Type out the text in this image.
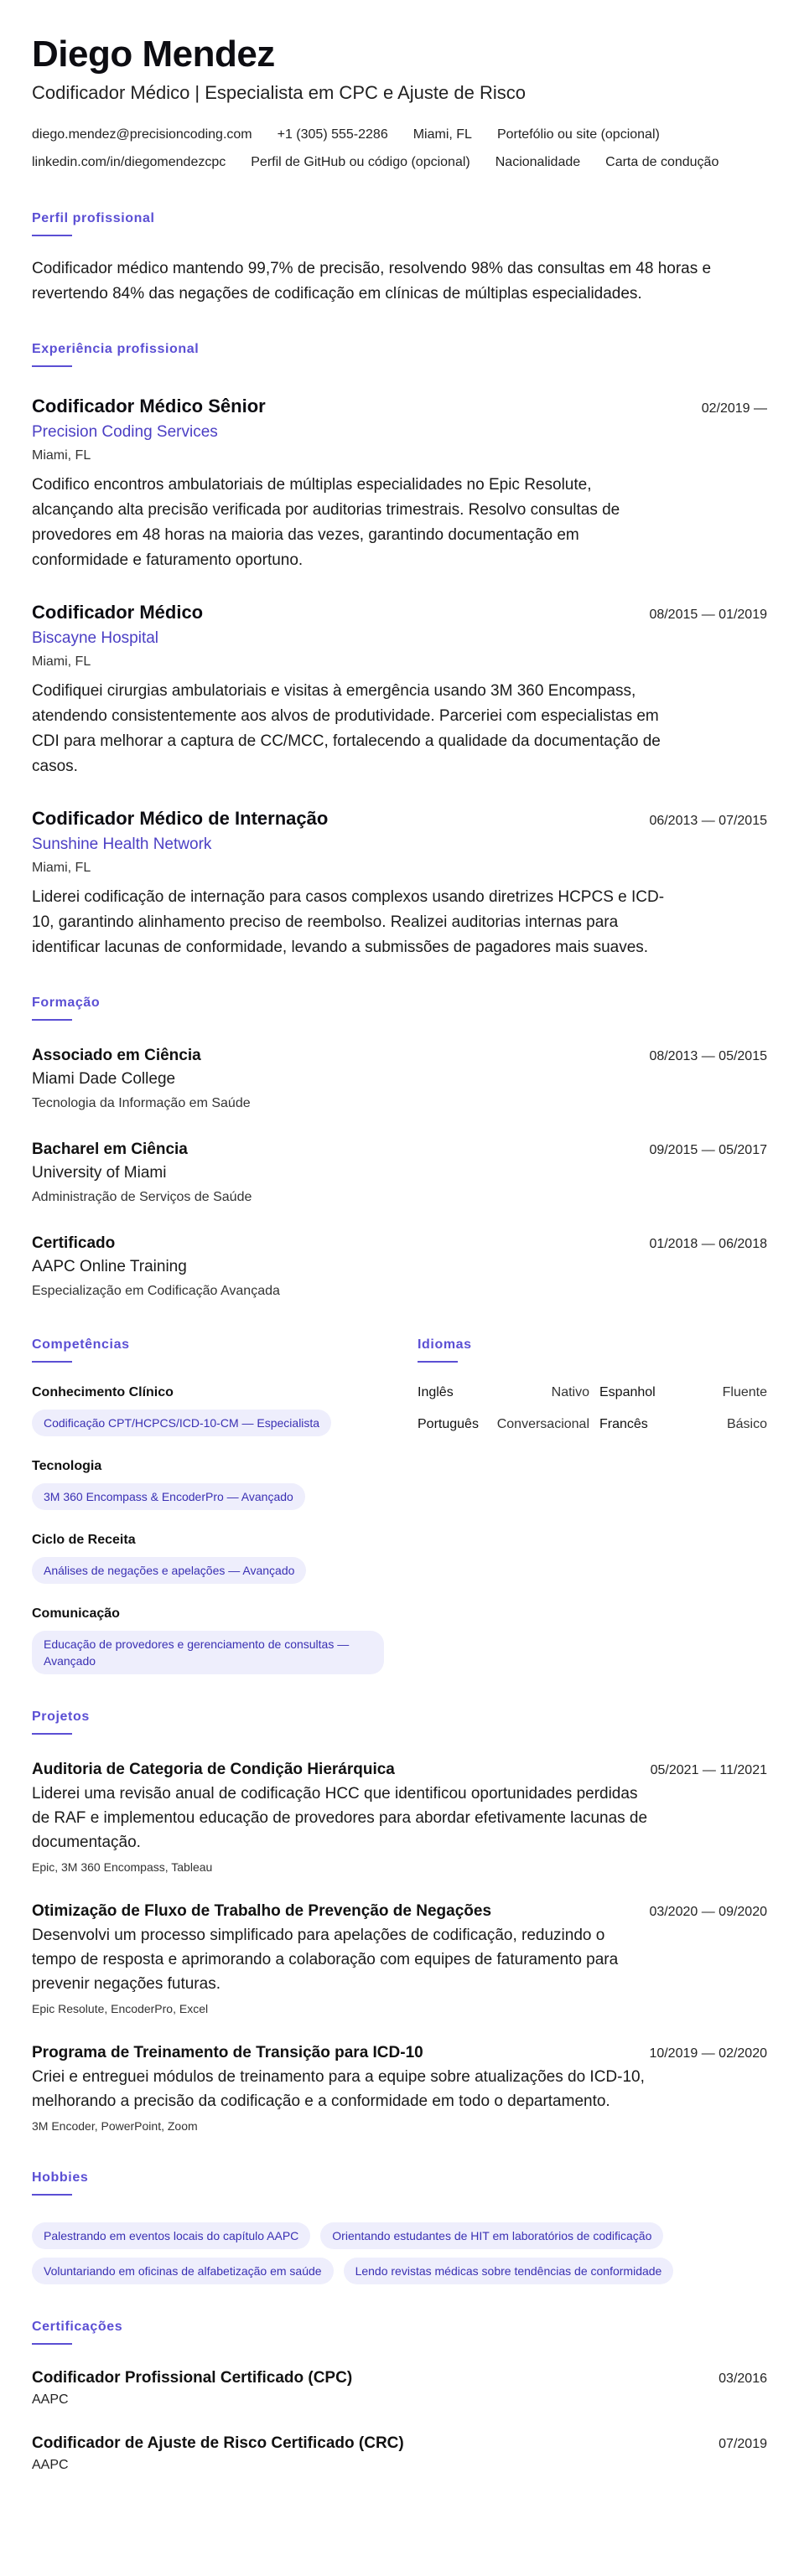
Diego Mendez
Codificador Médico | Especialista em CPC e Ajuste de Risco
diego.mendez@precisioncoding.com +1 (305) 555-2286 Miami, FL Portefólio ou site (opcional)
linkedin.com/in/diegomendezcpc Perfil de GitHub ou código (opcional) Nacionalidade Carta de condução
Perfil profissional
Codificador médico mantendo 99,7% de precisão, resolvendo 98% das consultas em 48 horas e revertendo 84% das negações de codificação em clínicas de múltiplas especialidades.
Experiência profissional
Codificador Médico Sênior	02/2019 —
Precision Coding Services
Miami, FL
Codifico encontros ambulatoriais de múltiplas especialidades no Epic Resolute, alcançando alta precisão verificada por auditorias trimestrais. Resolvo consultas de provedores em 48 horas na maioria das vezes, garantindo documentação em conformidade e faturamento oportuno.
Codificador Médico	08/2015 — 01/2019
Biscayne Hospital
Miami, FL
Codifiquei cirurgias ambulatoriais e visitas à emergência usando 3M 360 Encompass, atendendo consistentemente aos alvos de produtividade. Parceriei com especialistas em CDI para melhorar a captura de CC/MCC, fortalecendo a qualidade da documentação de casos.
Codificador Médico de Internação	06/2013 — 07/2015
Sunshine Health Network
Miami, FL
Liderei codificação de internação para casos complexos usando diretrizes HCPCS e ICD-10, garantindo alinhamento preciso de reembolso. Realizei auditorias internas para identificar lacunas de conformidade, levando a submissões de pagadores mais suaves.
Formação
Associado em Ciência	08/2013 — 05/2015
Miami Dade College
Tecnologia da Informação em Saúde
Bacharel em Ciência	09/2015 — 05/2017
University of Miami
Administração de Serviços de Saúde
Certificado	01/2018 — 06/2018
AAPC Online Training
Especialização em Codificação Avançada
Competências
Conhecimento Clínico
Codificação CPT/HCPCS/ICD-10-CM — Especialista
Tecnologia
3M 360 Encompass & EncoderPro — Avançado
Ciclo de Receita
Análises de negações e apelações — Avançado
Comunicação
Educação de provedores e gerenciamento de consultas — Avançado
Idiomas
Inglês	Nativo Espanhol	Fluente
Português	Conversacional Francês	Básico
Projetos
Auditoria de Categoria de Condição Hierárquica	05/2021 — 11/2021
Liderei uma revisão anual de codificação HCC que identificou oportunidades perdidas de RAF e implementou educação de provedores para abordar efetivamente lacunas de documentação.
Epic, 3M 360 Encompass, Tableau
Otimização de Fluxo de Trabalho de Prevenção de Negações	03/2020 — 09/2020
Desenvolvi um processo simplificado para apelações de codificação, reduzindo o tempo de resposta e aprimorando a colaboração com equipes de faturamento para prevenir negações futuras.
Epic Resolute, EncoderPro, Excel
Programa de Treinamento de Transição para ICD-10	10/2019 — 02/2020
Criei e entreguei módulos de treinamento para a equipe sobre atualizações do ICD-10, melhorando a precisão da codificação e a conformidade em todo o departamento.
3M Encoder, PowerPoint, Zoom
Hobbies
Palestrando em eventos locais do capítulo AAPC	Orientando estudantes de HIT em laboratórios de codificação
Voluntariando em oficinas de alfabetização em saúde	Lendo revistas médicas sobre tendências de conformidade
Certificações
Codificador Profissional Certificado (CPC)	03/2016
AAPC
Codificador de Ajuste de Risco Certificado (CRC)	07/2019
AAPC
